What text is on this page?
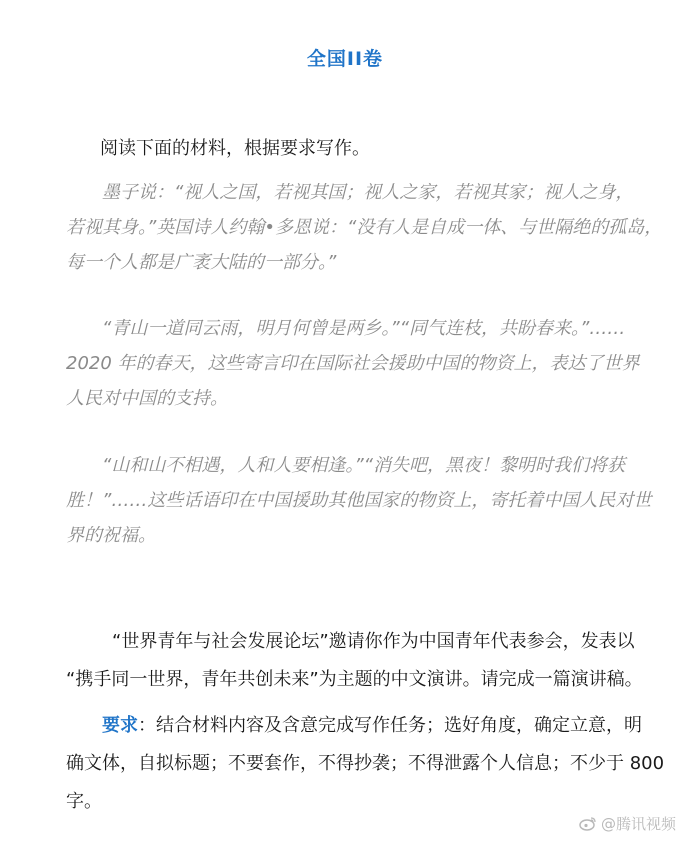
全国II卷
阅读下面的材料，根据要求写作。
墨子说：“视人之国，若视其国；视人之家，若视其家；视人之身，
若视其身。”英国诗人约翰•多恩说：“没有人是自成一体、与世隔绝的孤岛，
每一个人都是广袤大陆的一部分。”
“青山一道同云雨，明月何曾是两乡。”“同气连枝，共盼春来。”……
2020 年的春天，这些寄言印在国际社会援助中国的物资上，表达了世界
人民对中国的支持。
“山和山不相遇，人和人要相逢。”“消失吧，黑夜！黎明时我们将获
胜！”……这些话语印在中国援助其他国家的物资上，寄托着中国人民对世
界的祝福。
“世界青年与社会发展论坛”邀请你作为中国青年代表参会，发表以
“携手同一世界，青年共创未来”为主题的中文演讲。请完成一篇演讲稿。
要求：结合材料内容及含意完成写作任务；选好角度，确定立意，明
确文体，自拟标题；不要套作，不得抄袭；不得泄露个人信息；不少于 800
字。
@腾讯视频
